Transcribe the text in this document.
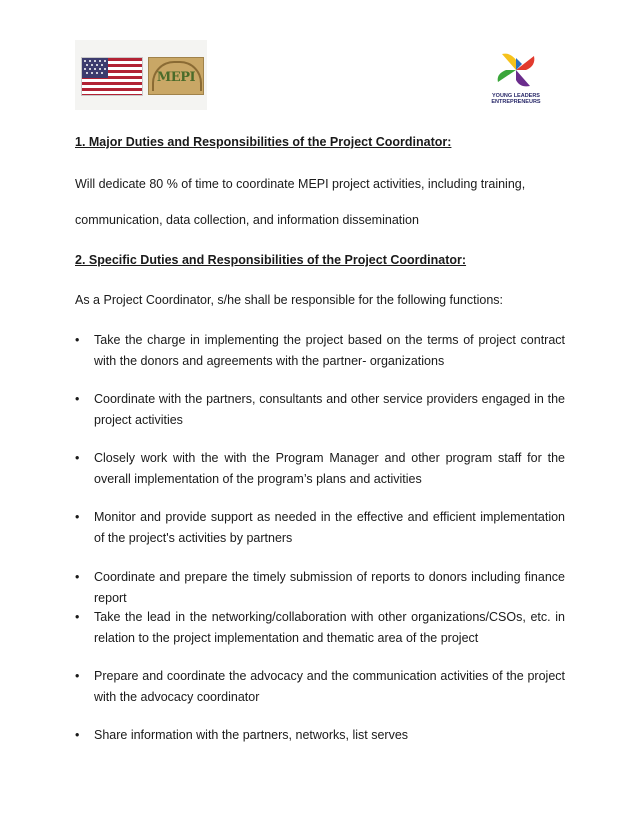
MEPI
YOUNG LEADERS
ENTREPRENEURS
1. Major Duties and Responsibilities of the Project Coordinator:
Will dedicate 80 % of time to coordinate MEPI project activities, including training,
communication, data collection, and information dissemination
2. Specific Duties and Responsibilities of the Project Coordinator:
As a Project Coordinator, s/he shall be responsible for the following functions:
• Take the charge in implementing the project based on the terms of project contract with the donors and agreements with the partner- organizations
• Coordinate with the partners, consultants and other service providers engaged in the project activities
• Closely work with the with the Program Manager and other program staff for the overall implementation of the program’s plans and activities
• Monitor and provide support as needed in the effective and efficient implementation of the project's activities by partners
• Coordinate and prepare the timely submission of reports to donors including finance report
• Take the lead in the networking/collaboration with other organizations/CSOs, etc. in relation to the project implementation and thematic area of the project
• Prepare and coordinate the advocacy and the communication activities of the project with the advocacy coordinator
• Share information with the partners, networks, list serves
